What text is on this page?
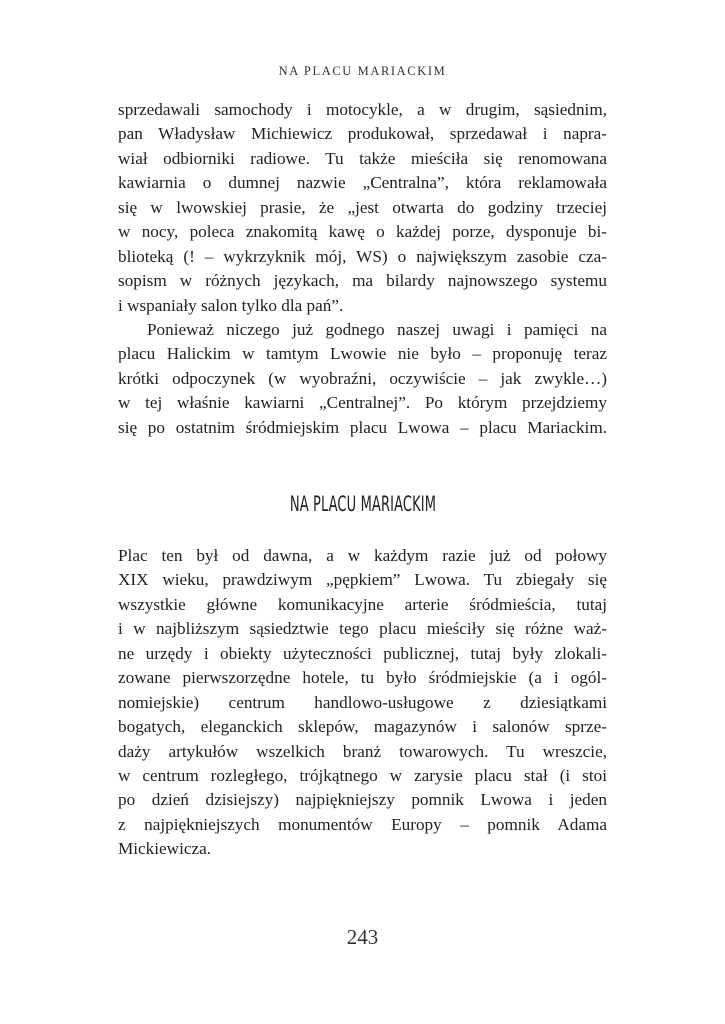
NA PLACU MARIACKIM
sprzedawali samochody i motocykle, a w drugim, sąsiednim,
pan Władysław Michiewicz produkował, sprzedawał i napra-
wiał odbiorniki radiowe. Tu także mieściła się renomowana
kawiarnia o dumnej nazwie „Centralna”, która reklamowała
się w lwowskiej prasie, że „jest otwarta do godziny trzeciej
w nocy, poleca znakomitą kawę o każdej porze, dysponuje bi-
blioteką (! – wykrzyknik mój, WS) o największym zasobie cza-
sopism w różnych językach, ma bilardy najnowszego systemu
i wspaniały salon tylko dla pań”.
Ponieważ niczego już godnego naszej uwagi i pamięci na
placu Halickim w tamtym Lwowie nie było – proponuję teraz
krótki odpoczynek (w wyobraźni, oczywiście – jak zwykle…)
w tej właśnie kawiarni „Centralnej”. Po którym przejdziemy
się po ostatnim śródmiejskim placu Lwowa – placu Mariackim.
NA PLACU MARIACKIM
Plac ten był od dawna, a w każdym razie już od połowy
XIX wieku, prawdziwym „pępkiem” Lwowa. Tu zbiegały się
wszystkie główne komunikacyjne arterie śródmieścia, tutaj
i w najbliższym sąsiedztwie tego placu mieściły się różne waż-
ne urzędy i obiekty użyteczności publicznej, tutaj były zlokali-
zowane pierwszorzędne hotele, tu było śródmiejskie (a i ogól-
nomiejskie) centrum handlowo-usługowe z dziesiątkami
bogatych, eleganckich sklepów, magazynów i salonów sprze-
daży artykułów wszelkich branż towarowych. Tu wreszcie,
w centrum rozległego, trójkątnego w zarysie placu stał (i stoi
po dzień dzisiejszy) najpiękniejszy pomnik Lwowa i jeden
z najpiękniejszych monumentów Europy – pomnik Adama
Mickiewicza.
243
